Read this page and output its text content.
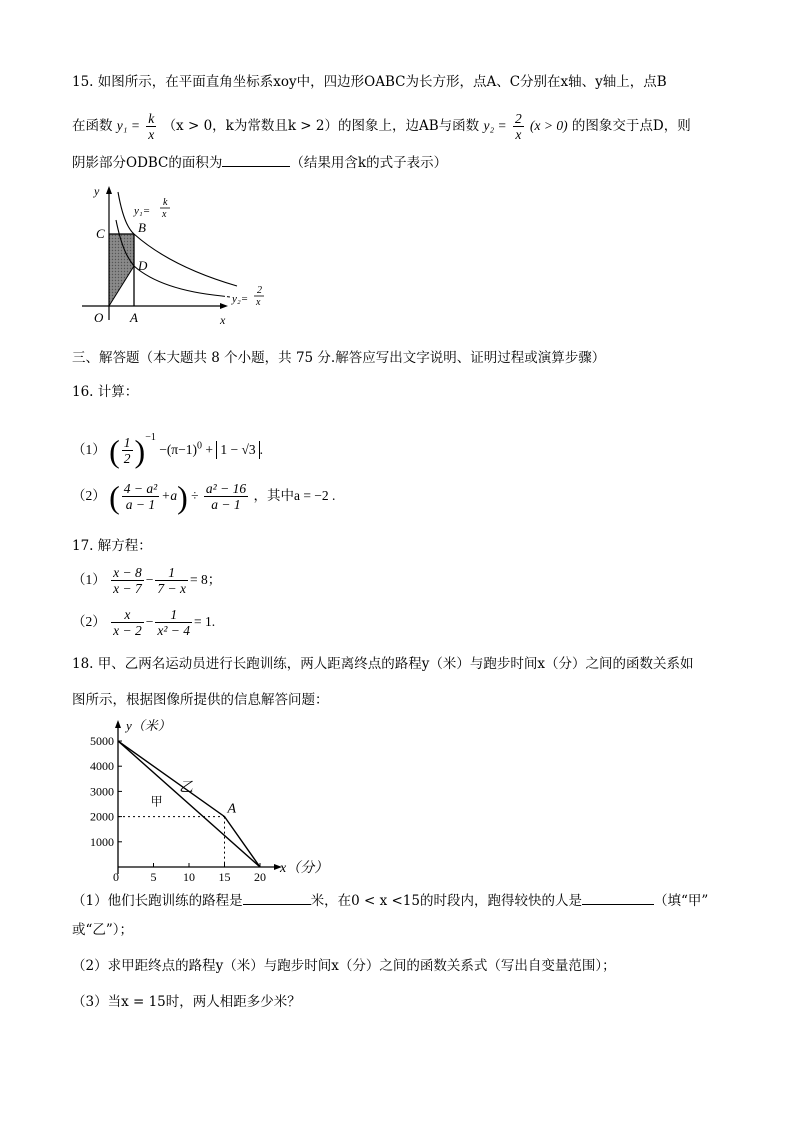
15. 如图所示，在平面直角坐标系xoy中，四边形OABC为长方形，点A、C分别在x轴、y轴上，点B
在函数 $y_1 = \frac{k}{x} (x > 0$，k为常数且k > 2）的图象上，边AB与函数 $y_2 = \frac{2}{x} (x > 0)$ 的图象交于点D，则
阴影部分ODBC的面积为	（结果用含k的式子表示）
y
x
O A
B
C
D
y₁=
k
x
y₂=
2
x
三、解答题（本大题共 8 个小题，共 75 分.解答应写出文字说明、证明过程或演算步骤）
16. 计算：
（1） ( $\frac{1}{2} )^{-1} -(\pi-1)^0 + 1 - √3$ .
（2） ( $\frac{\text{4 − a²}}{a - 1} +a) \div \frac{\text{a² − 16}}{a - 1}$ ，其中a = −2 .
17. 解方程：
$(1) \frac{x - 8}{x - 7} - \frac{1}{7 - x} = 8$；
$(2) \frac{x}{x - 2} - \frac{1}{\text{x² − 4}} = 1$.
18. 甲、乙两名运动员进行长跑训练，两人距离终点的路程y（米）与跑步时间x（分）之间的函数关系如
图所示，根据图像所提供的信息解答问题：
y（米）
x（分）
5000
4000
3000
2000
1000
0	5 10 15 20
甲
乙
A
（1）他们长跑训练的路程是	米，在0 < x <15的时段内，跑得较快的人是	（填“甲”
或“乙”）；
（2）求甲距终点的路程y（米）与跑步时间x（分）之间的函数关系式（写出自变量范围）；
（3）当x = 15时，两人相距多少米？
